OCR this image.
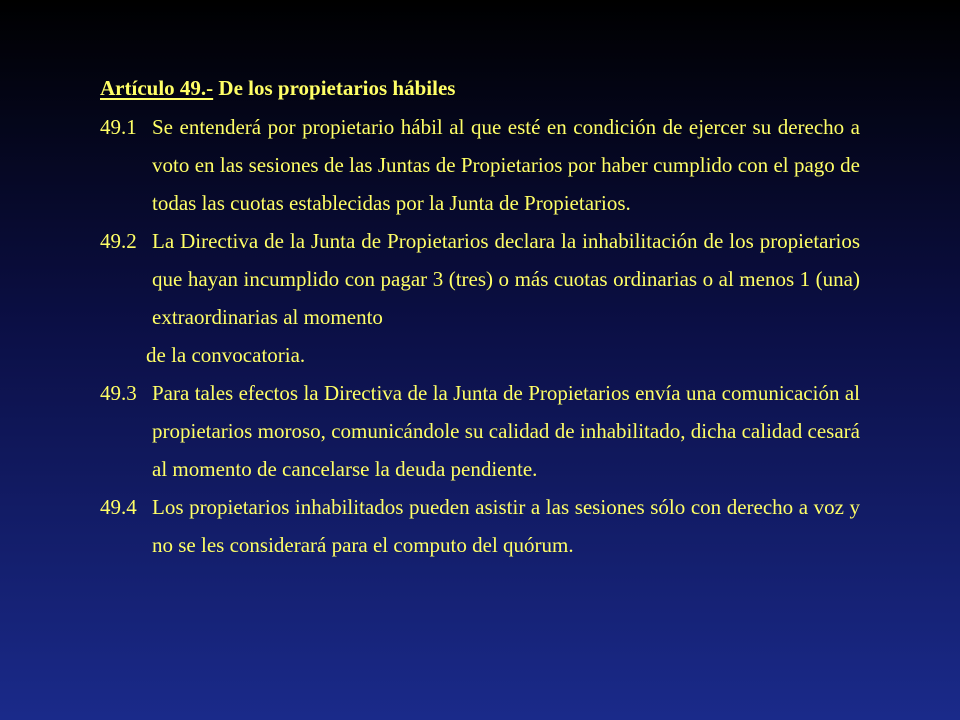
Artículo 49.- De los propietarios hábiles
49.1 Se entenderá por propietario hábil al que esté en condición de ejercer su derecho a voto en las sesiones de las Juntas de Propietarios por haber cumplido con el pago de todas las cuotas establecidas por la Junta de Propietarios.
49.2 La Directiva de la Junta de Propietarios declara la inhabilitación de los propietarios que hayan incumplido con pagar 3 (tres) o más cuotas ordinarias o al menos 1 (una) extraordinarias al momento
de la convocatoria.
49.3 Para tales efectos la Directiva de la Junta de Propietarios envía una comunicación al propietarios moroso, comunicándole su calidad de inhabilitado, dicha calidad cesará al momento de cancelarse la deuda pendiente.
49.4 Los propietarios inhabilitados pueden asistir a las sesiones sólo con derecho a voz y no se les considerará para el computo del quórum.
